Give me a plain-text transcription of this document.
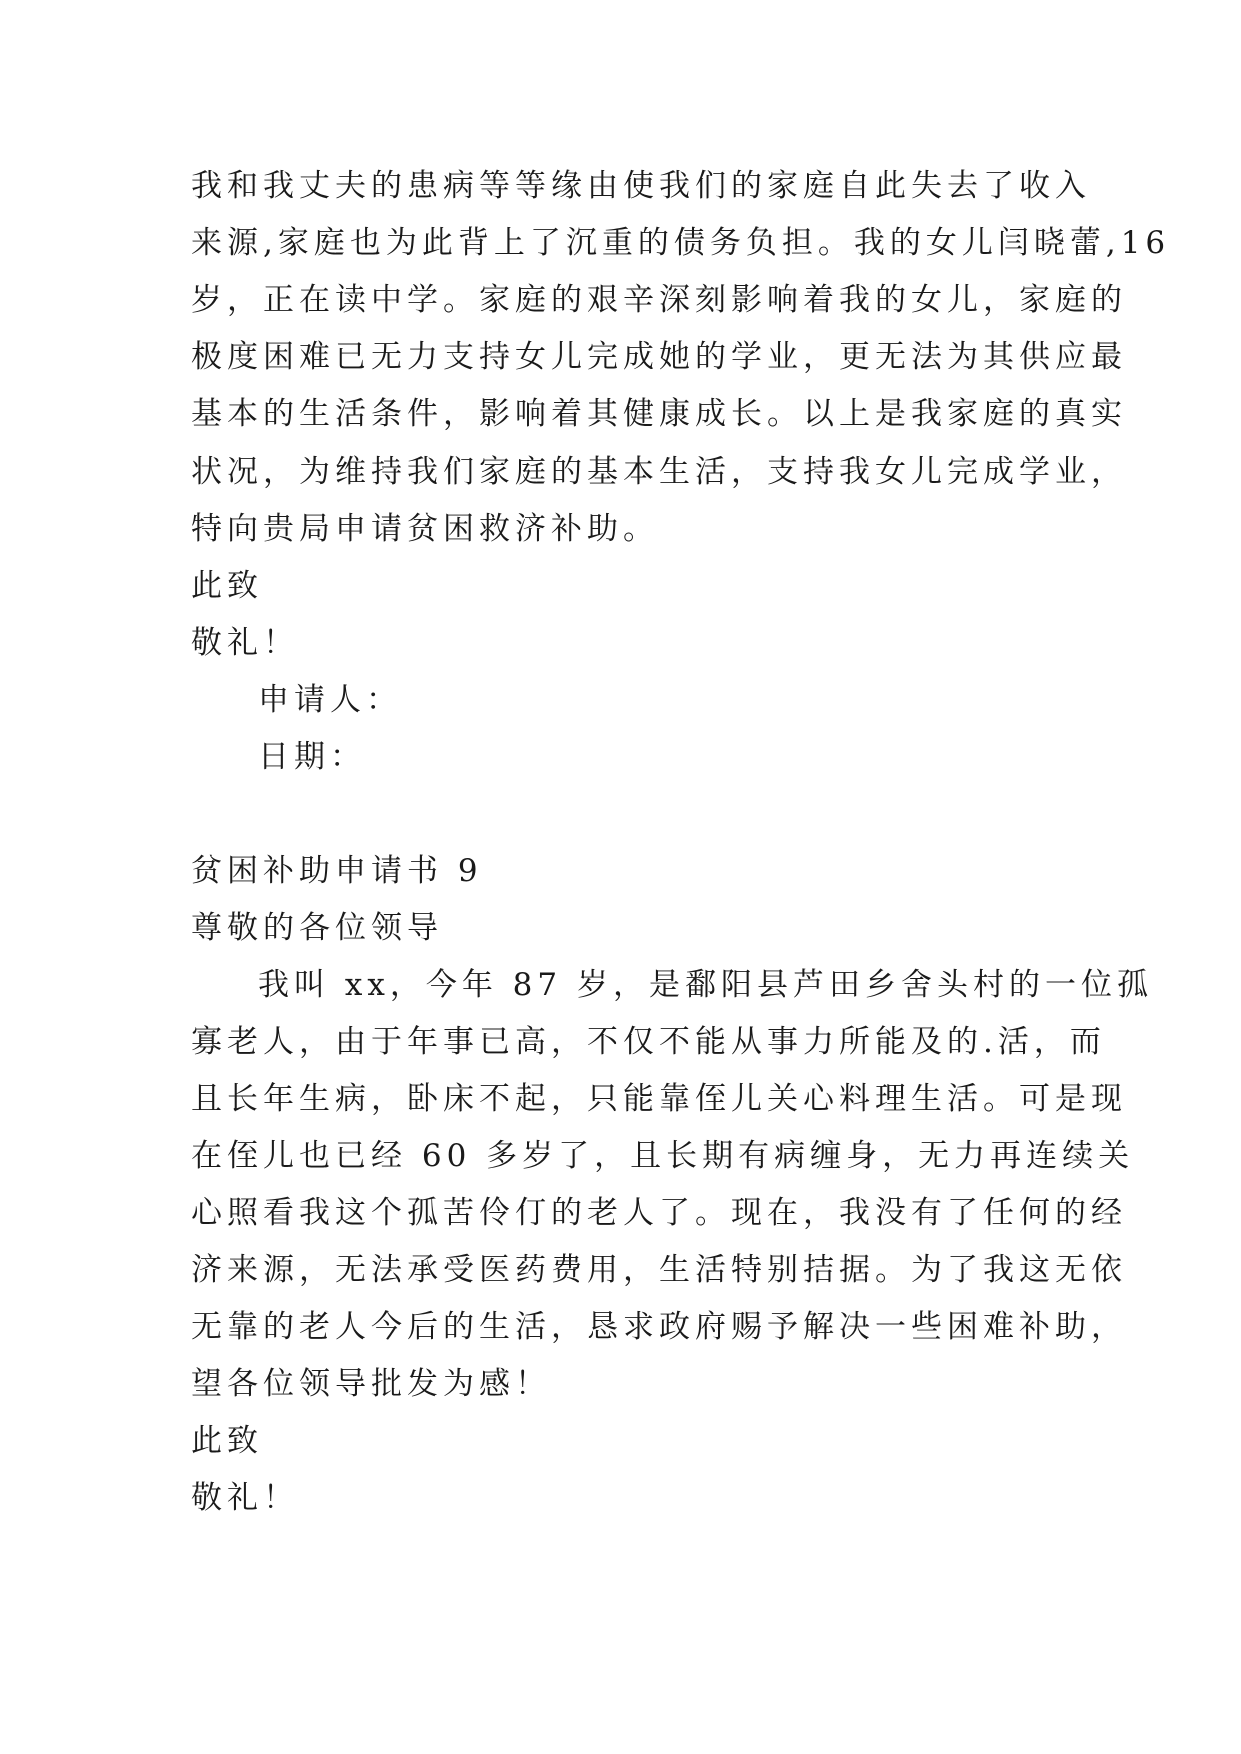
我和我丈夫的患病等等缘由使我们的家庭自此失去了收入
来源,家庭也为此背上了沉重的债务负担。我的女儿闫晓蕾,16
岁，正在读中学。家庭的艰辛深刻影响着我的女儿，家庭的
极度困难已无力支持女儿完成她的学业，更无法为其供应最
基本的生活条件，影响着其健康成长。以上是我家庭的真实
状况，为维持我们家庭的基本生活，支持我女儿完成学业，
特向贵局申请贫困救济补助。
此致
敬礼！
申请人：
日期：
贫困补助申请书 9
尊敬的各位领导
我叫 xx，今年 87 岁，是鄱阳县芦田乡舍头村的一位孤
寡老人，由于年事已高，不仅不能从事力所能及的.活，而
且长年生病，卧床不起，只能靠侄儿关心料理生活。可是现
在侄儿也已经 60 多岁了，且长期有病缠身，无力再连续关
心照看我这个孤苦伶仃的老人了。现在，我没有了任何的经
济来源，无法承受医药费用，生活特别拮据。为了我这无依
无靠的老人今后的生活，恳求政府赐予解决一些困难补助，
望各位领导批发为感！
此致
敬礼！
